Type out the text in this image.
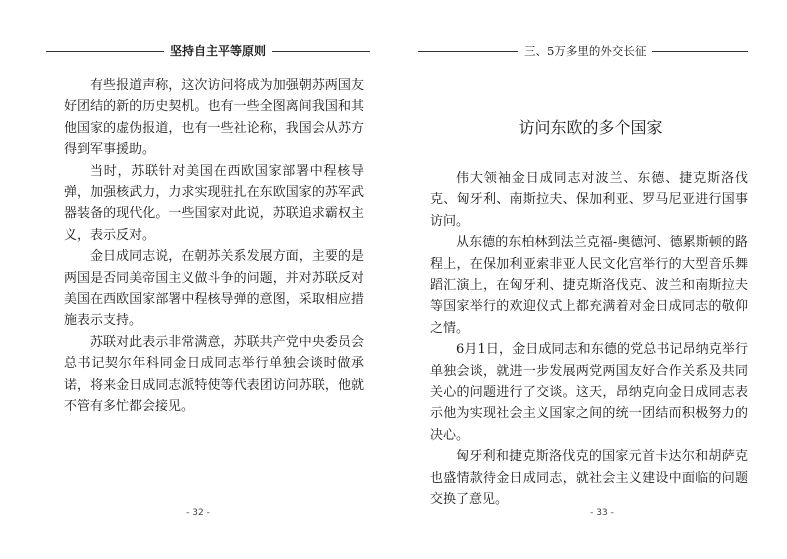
坚持自主平等原则

有些报道声称，这次访问将成为加强朝苏两国友好团结的新的历史契机。也有一些全图离间我国和其他国家的虚伪报道，也有一些社论称，我国会从苏方得到军事援助。

当时，苏联针对美国在西欧国家部署中程核导弹，加强核武力，力求实现驻扎在东欧国家的苏军武器装备的现代化。一些国家对此说，苏联追求霸权主义，表示反对。

金日成同志说，在朝苏关系发展方面，主要的是两国是否同美帝国主义做斗争的问题，并对苏联反对美国在西欧国家部署中程核导弹的意图，采取相应措施表示支持。

苏联对此表示非常满意，苏联共产党中央委员会总书记契尔年科同金日成同志举行单独会谈时做承诺，将来金日成同志派特使等代表团访问苏联，他就不管有多忙都会接见。

- 32 -
三、5万多里的外交长征
访问东欧的多个国家

伟大领袖金日成同志对波兰、东德、捷克斯洛伐克、匈牙利、南斯拉夫、保加利亚、罗马尼亚进行国事访问。

从东德的东柏林到法兰克福-奥德河、德累斯顿的路程上，在保加利亚索非亚人民文化宫举行的大型音乐舞蹈汇演上，在匈牙利、捷克斯洛伐克、波兰和南斯拉夫等国家举行的欢迎仪式上都充满着对金日成同志的敬仰之情。

6月1日，金日成同志和东德的党总书记昂纳克举行单独会谈，就进一步发展两党两国友好合作关系及共同关心的问题进行了交谈。这天，昂纳克向金日成同志表示他为实现社会主义国家之间的统一团结而积极努力的决心。

匈牙利和捷克斯洛伐克的国家元首卡达尔和胡萨克也盛情款待金日成同志，就社会主义建设中面临的问题交换了意见。

- 33 -
